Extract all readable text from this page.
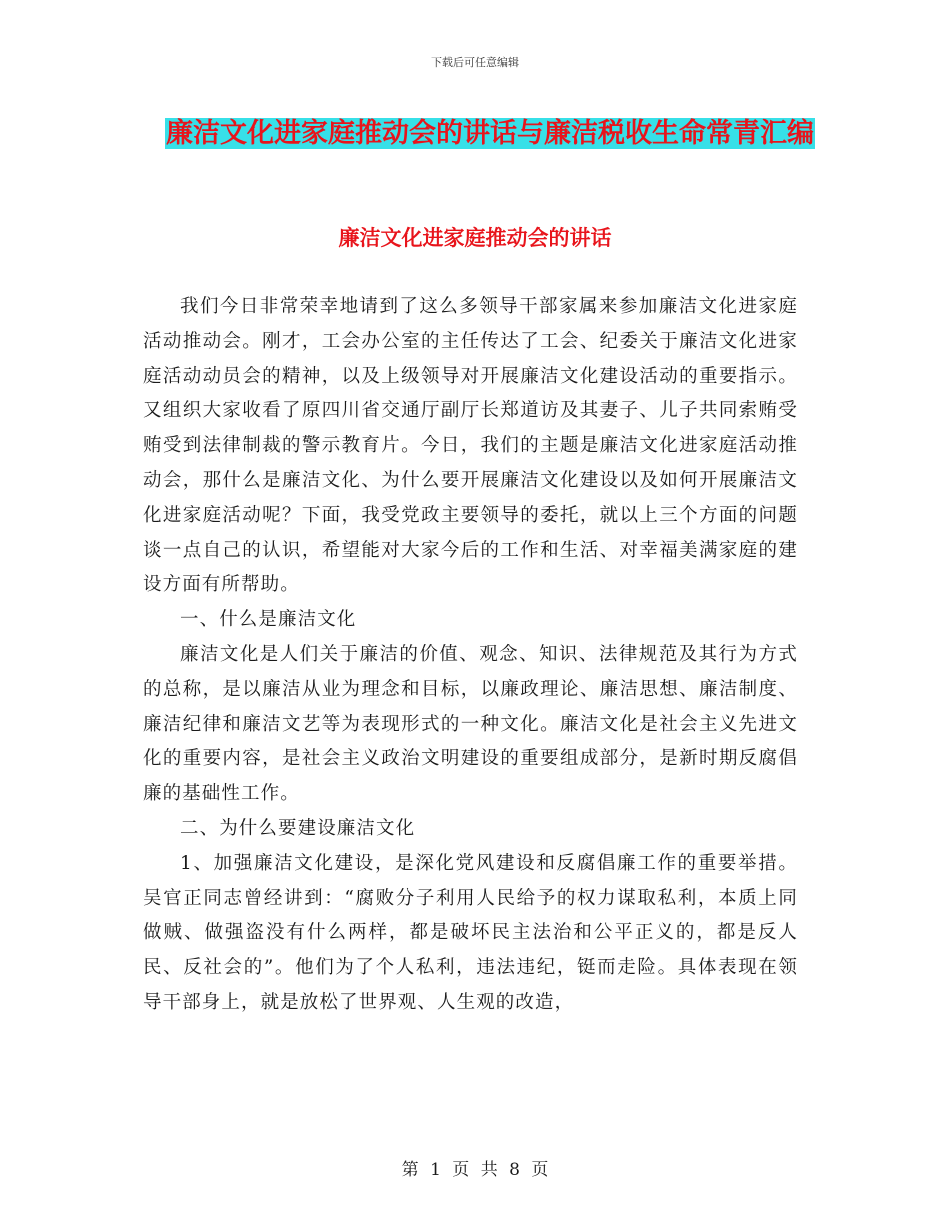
下载后可任意编辑
廉洁文化进家庭推动会的讲话与廉洁税收生命常青汇编
廉洁文化进家庭推动会的讲话

我们今日非常荣幸地请到了这么多领导干部家属来参加廉洁文化进家庭活动推动会。刚才，工会办公室的主任传达了工会、纪委关于廉洁文化进家庭活动动员会的精神，以及上级领导对开展廉洁文化建设活动的重要指示。又组织大家收看了原四川省交通厅副厅长郑道访及其妻子、儿子共同索贿受贿受到法律制裁的警示教育片。今日，我们的主题是廉洁文化进家庭活动推动会，那什么是廉洁文化、为什么要开展廉洁文化建设以及如何开展廉洁文化进家庭活动呢？下面，我受党政主要领导的委托，就以上三个方面的问题谈一点自己的认识，希望能对大家今后的工作和生活、对幸福美满家庭的建设方面有所帮助。

一、什么是廉洁文化

廉洁文化是人们关于廉洁的价值、观念、知识、法律规范及其行为方式的总称，是以廉洁从业为理念和目标，以廉政理论、廉洁思想、廉洁制度、廉洁纪律和廉洁文艺等为表现形式的一种文化。廉洁文化是社会主义先进文化的重要内容，是社会主义政治文明建设的重要组成部分，是新时期反腐倡廉的基础性工作。

二、为什么要建设廉洁文化

1、加强廉洁文化建设，是深化党风建设和反腐倡廉工作的重要举措。吴官正同志曾经讲到：“腐败分子利用人民给予的权力谋取私利，本质上同做贼、做强盗没有什么两样，都是破坏民主法治和公平正义的，都是反人民、反社会的”。他们为了个人私利，违法违纪，铤而走险。具体表现在领导干部身上，就是放松了世界观、人生观的改造，

第 1 页 共 8 页
